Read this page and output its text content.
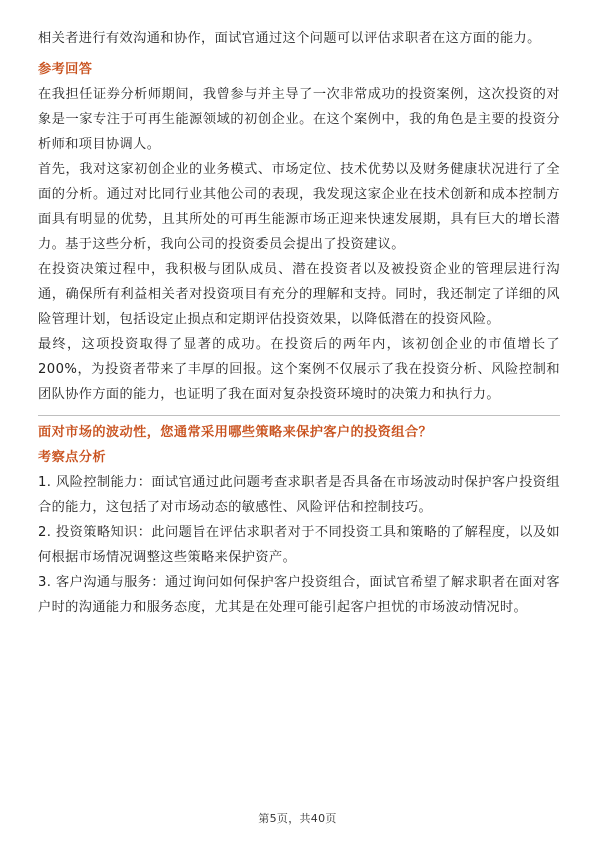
相关者进行有效沟通和协作，面试官通过这个问题可以评估求职者在这方面的能力。

参考回答

在我担任证券分析师期间，我曾参与并主导了一次非常成功的投资案例，这次投资的对象是一家专注于可再生能源领域的初创企业。在这个案例中，我的角色是主要的投资分析师和项目协调人。

首先，我对这家初创企业的业务模式、市场定位、技术优势以及财务健康状况进行了全面的分析。通过对比同行业其他公司的表现，我发现这家企业在技术创新和成本控制方面具有明显的优势，且其所处的可再生能源市场正迎来快速发展期，具有巨大的增长潜力。基于这些分析，我向公司的投资委员会提出了投资建议。

在投资决策过程中，我积极与团队成员、潜在投资者以及被投资企业的管理层进行沟通，确保所有利益相关者对投资项目有充分的理解和支持。同时，我还制定了详细的风险管理计划，包括设定止损点和定期评估投资效果，以降低潜在的投资风险。

最终，这项投资取得了显著的成功。在投资后的两年内，该初创企业的市值增长了200%，为投资者带来了丰厚的回报。这个案例不仅展示了我在投资分析、风险控制和团队协作方面的能力，也证明了我在面对复杂投资环境时的决策力和执行力。

面对市场的波动性，您通常采用哪些策略来保护客户的投资组合？
考察点分析

1. 风险控制能力：面试官通过此问题考查求职者是否具备在市场波动时保护客户投资组合的能力，这包括了对市场动态的敏感性、风险评估和控制技巧。

2. 投资策略知识：此问题旨在评估求职者对于不同投资工具和策略的了解程度，以及如何根据市场情况调整这些策略来保护资产。

3. 客户沟通与服务：通过询问如何保护客户投资组合，面试官希望了解求职者在面对客户时的沟通能力和服务态度，尤其是在处理可能引起客户担忧的市场波动情况时。

第5页，共40页
